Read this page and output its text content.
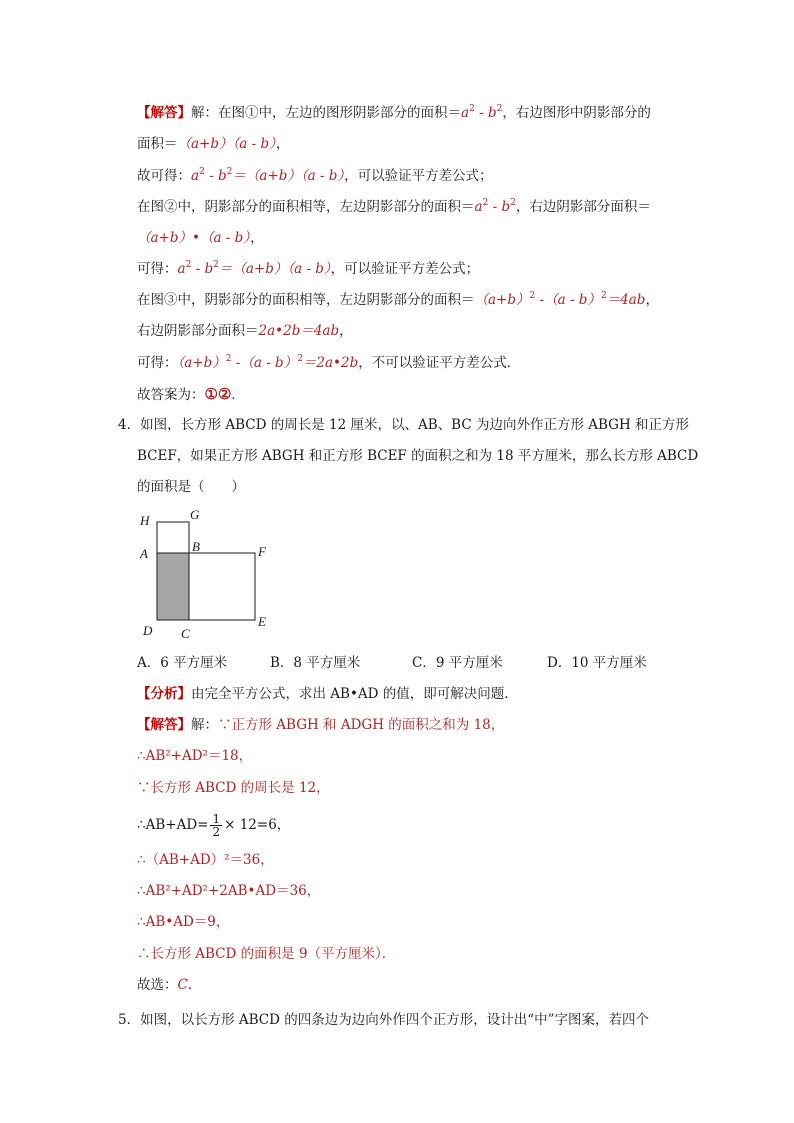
【解答】解：在图①中，左边的图形阴影部分的面积$=a^2 - b^2$，右边图形中阴影部分的
面积＝（a+b）（a - b），
故可得：$a^2 - b^2=(a+b)(a - b)$，可以验证平方差公式；
在图②中，阴影部分的面积相等，左边阴影部分的面积$=a^2 - b^2$，右边阴影部分面积＝
（a+b）•（a - b），
可得：$a^2 - b^2=(a+b)(a - b)$，可以验证平方差公式；
在图③中，阴影部分的面积相等，左边阴影部分的面积$=(a+b)^2$ -（a - b）$^2$＝4ab，
右边阴影部分面积＝2a•2b＝4ab，
可得：$(a+b)^2$ -（a - b）$^2$＝2a•2b，不可以验证平方差公式．
故答案为：①②．
4．如图，长方形 ABCD 的周长是 12 厘米，以、AB、BC 为边向外作正方形 ABGH 和正方形
BCEF，如果正方形 ABGH 和正方形 BCEF 的面积之和为 18 平方厘米，那么长方形 ABCD
的面积是（　　）
H	G
A	B	F
D C
E
A．6 平方厘米	B．8 平方厘米	C．9 平方厘米	D．10 平方厘米
【分析】由完全平方公式，求出 AB•AD 的值，即可解决问题．
【解答】解：∵正方形 ABGH 和 ADGH 的面积之和为 18，
∴AB²+AD²＝18，
∵长方形 ABCD 的周长是 12，
∴AB+AD= $\frac{1}{2} \times 12=6$，
∴（AB+AD）²＝36，
∴AB²+AD²+2AB•AD＝36，
∴AB•AD＝9，
∴长方形 ABCD 的面积是 9（平方厘米）．
故选：C．
5．如图，以长方形 ABCD 的四条边为边向外作四个正方形，设计出“中”字图案，若四个
